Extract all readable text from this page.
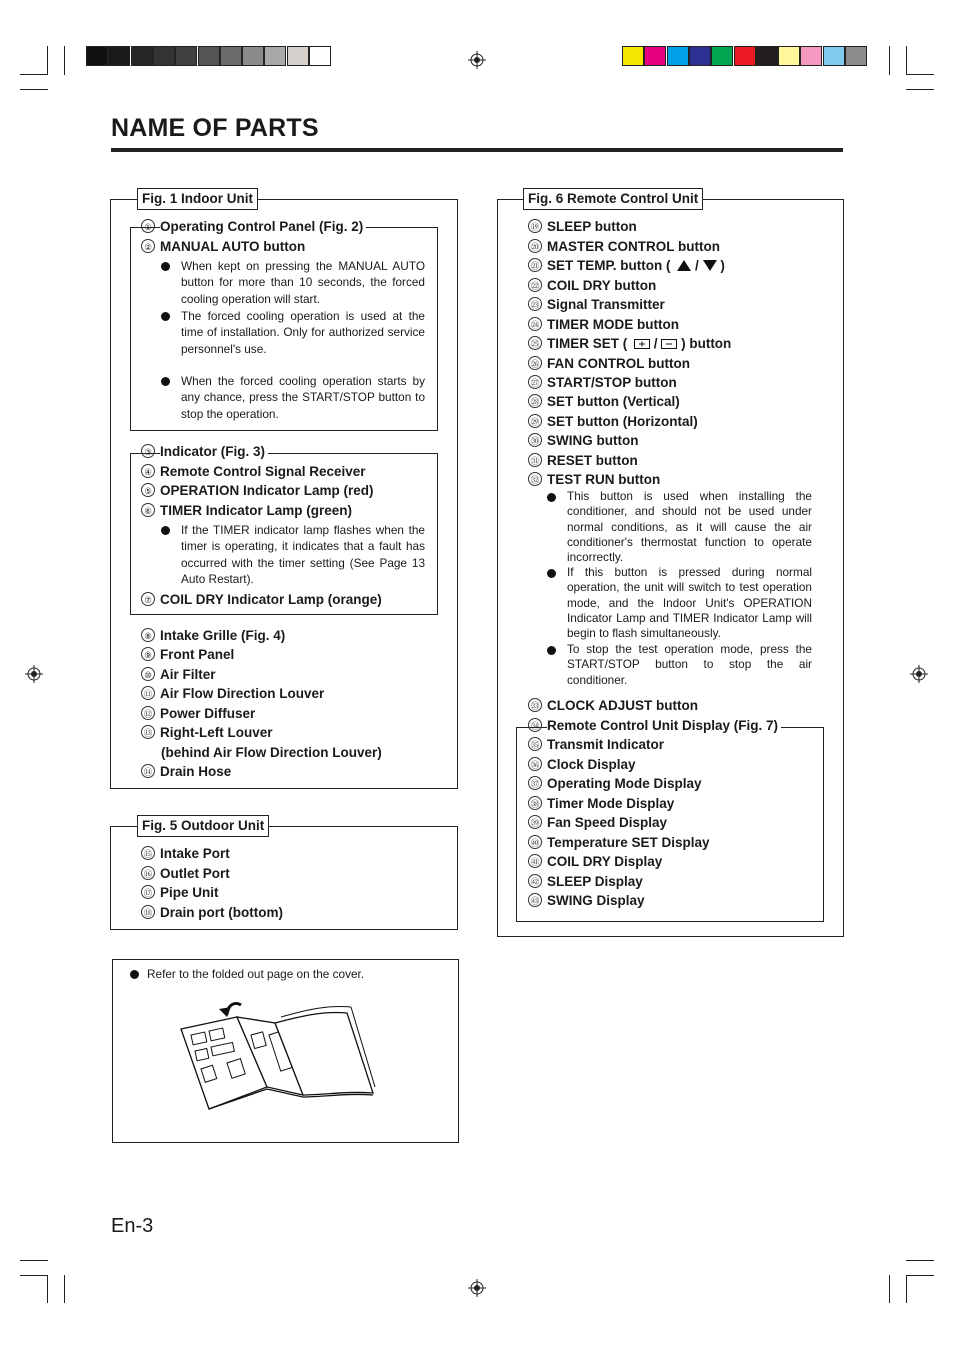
NAME OF PARTS
Fig. 1 Indoor Unit
① Operating Control Panel (Fig. 2)
② MANUAL AUTO button
When kept on pressing the MANUAL AUTO button for more than 10 seconds, the forced cooling operation will start.
The forced cooling operation is used at the time of installation. Only for authorized service personnel's use.
When the forced cooling operation starts by any chance, press the START/STOP button to stop the operation.
③ Indicator (Fig. 3)
④ Remote Control Signal Receiver
⑤ OPERATION Indicator Lamp (red)
⑥ TIMER Indicator Lamp (green)
If the TIMER indicator lamp flashes when the timer is operating, it indicates that a fault has occurred with the timer setting (See Page 13 Auto Restart).
⑦ COIL DRY Indicator Lamp (orange)
⑧ Intake Grille (Fig. 4)
⑨ Front Panel
⑩ Air Filter
⑪ Air Flow Direction Louver
⑫ Power Diffuser
⑬ Right-Left Louver
(behind Air Flow Direction Louver)
⑭ Drain Hose
Fig. 5 Outdoor Unit
⑮ Intake Port
⑯ Outlet Port
⑰ Pipe Unit
⑱ Drain port (bottom)
Refer to the folded out page on the cover.
Fig. 6 Remote Control Unit
⑲ SLEEP button
⑳ MASTER CONTROL button
㉑ SET TEMP. button ( / )
㉒ COIL DRY button
㉓ Signal Transmitter
㉔ TIMER MODE button
㉕ TIMER SET ( / ) button
㉖ FAN CONTROL button
㉗ START/STOP button
㉘ SET button (Vertical)
㉙ SET button (Horizontal)
㉚ SWING button
㉛ RESET button
㉜ TEST RUN button
This button is used when installing the conditioner, and should not be used under normal conditions, as it will cause the air conditioner's thermostat function to operate incorrectly.
If this button is pressed during normal operation, the unit will switch to test operation mode, and the Indoor Unit's OPERATION Indicator Lamp and TIMER Indicator Lamp will begin to flash simultaneously.
To stop the test operation mode, press the START/STOP button to stop the air conditioner.
㉝ CLOCK ADJUST button
㉞ Remote Control Unit Display (Fig. 7)
㉟ Transmit Indicator
㊱ Clock Display
㊲ Operating Mode Display
㊳ Timer Mode Display
㊴ Fan Speed Display
㊵ Temperature SET Display
㊶ COIL DRY Display
㊷ SLEEP Display
㊸ SWING Display
En-3
